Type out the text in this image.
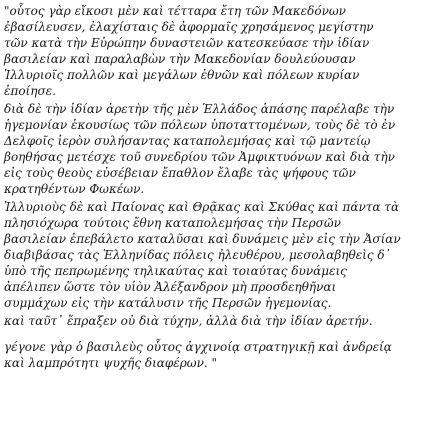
"οὗτος γὰρ εἴκοσι μὲν καὶ τέτταρα ἔτη τῶν Μακεδόνων
ἐβασίλευσεν, ἐλαχίσταις δὲ ἀφορμαῖς χρησάμενος μεγίστην
τῶν κατὰ τὴν Εὐρώπην δυναστειῶν κατεσκεύασε τὴν ἰδίαν
βασιλείαν καὶ παραλαβὼν τὴν Μακεδονίαν δουλεύουσαν
Ἰλλυριοῖς πολλῶν καὶ μεγάλων ἐθνῶν καὶ πόλεων κυρίαν
ἐποίησε.
διὰ δὲ τὴν ἰδίαν ἀρετὴν τῆς μὲν Ἑλλάδος ἁπάσης παρέλαβε τὴν
ἡγεμονίαν ἑκουσίως τῶν πόλεων ὑποταττομένων, τοὺς δὲ τὸ ἐν
Δελφοῖς ἱερὸν συλήσαντας καταπολεμήσας καὶ τῷ μαντείῳ
βοηθήσας μετέσχε τοῦ συνεδρίου τῶν Ἀμφικτυόνων καὶ διὰ τὴν
εἰς τοὺς θεοὺς εὐσέβειαν ἔπαθλον ἔλαβε τὰς ψήφους τῶν
κρατηθέντων Φωκέων.
Ἰλλυριοὺς δὲ καὶ Παίονας καὶ Θρᾷκας καὶ Σκύθας καὶ πάντα τὰ
πλησιόχωρα τούτοις ἔθνη καταπολεμήσας τὴν Περσῶν
βασιλείαν ἐπεβάλετο καταλῦσαι καὶ δυνάμεις μὲν εἰς τὴν Ἀσίαν
διαβιβάσας τὰς Ἑλληνίδας πόλεις ἠλευθέρου, μεσολαβηθεὶς δ᾽
ὑπὸ τῆς πεπρωμένης τηλικαύτας καὶ τοιαύτας δυνάμεις
ἀπέλιπεν ὥστε τὸν υἱὸν Ἀλέξανδρον μὴ προσδεηθῆναι
συμμάχων εἰς τὴν κατάλυσιν τῆς Περσῶν ἡγεμονίας.
καὶ ταῦτ᾽ ἔπραξεν οὐ διὰ τύχην, ἀλλὰ διὰ τὴν ἰδίαν ἀρετήν.
γέγονε γὰρ ὁ βασιλεὺς οὗτος ἀγχινοίᾳ στρατηγικῇ καὶ ἀνδρείᾳ
καὶ λαμπρότητι ψυχῆς διαφέρων. "
